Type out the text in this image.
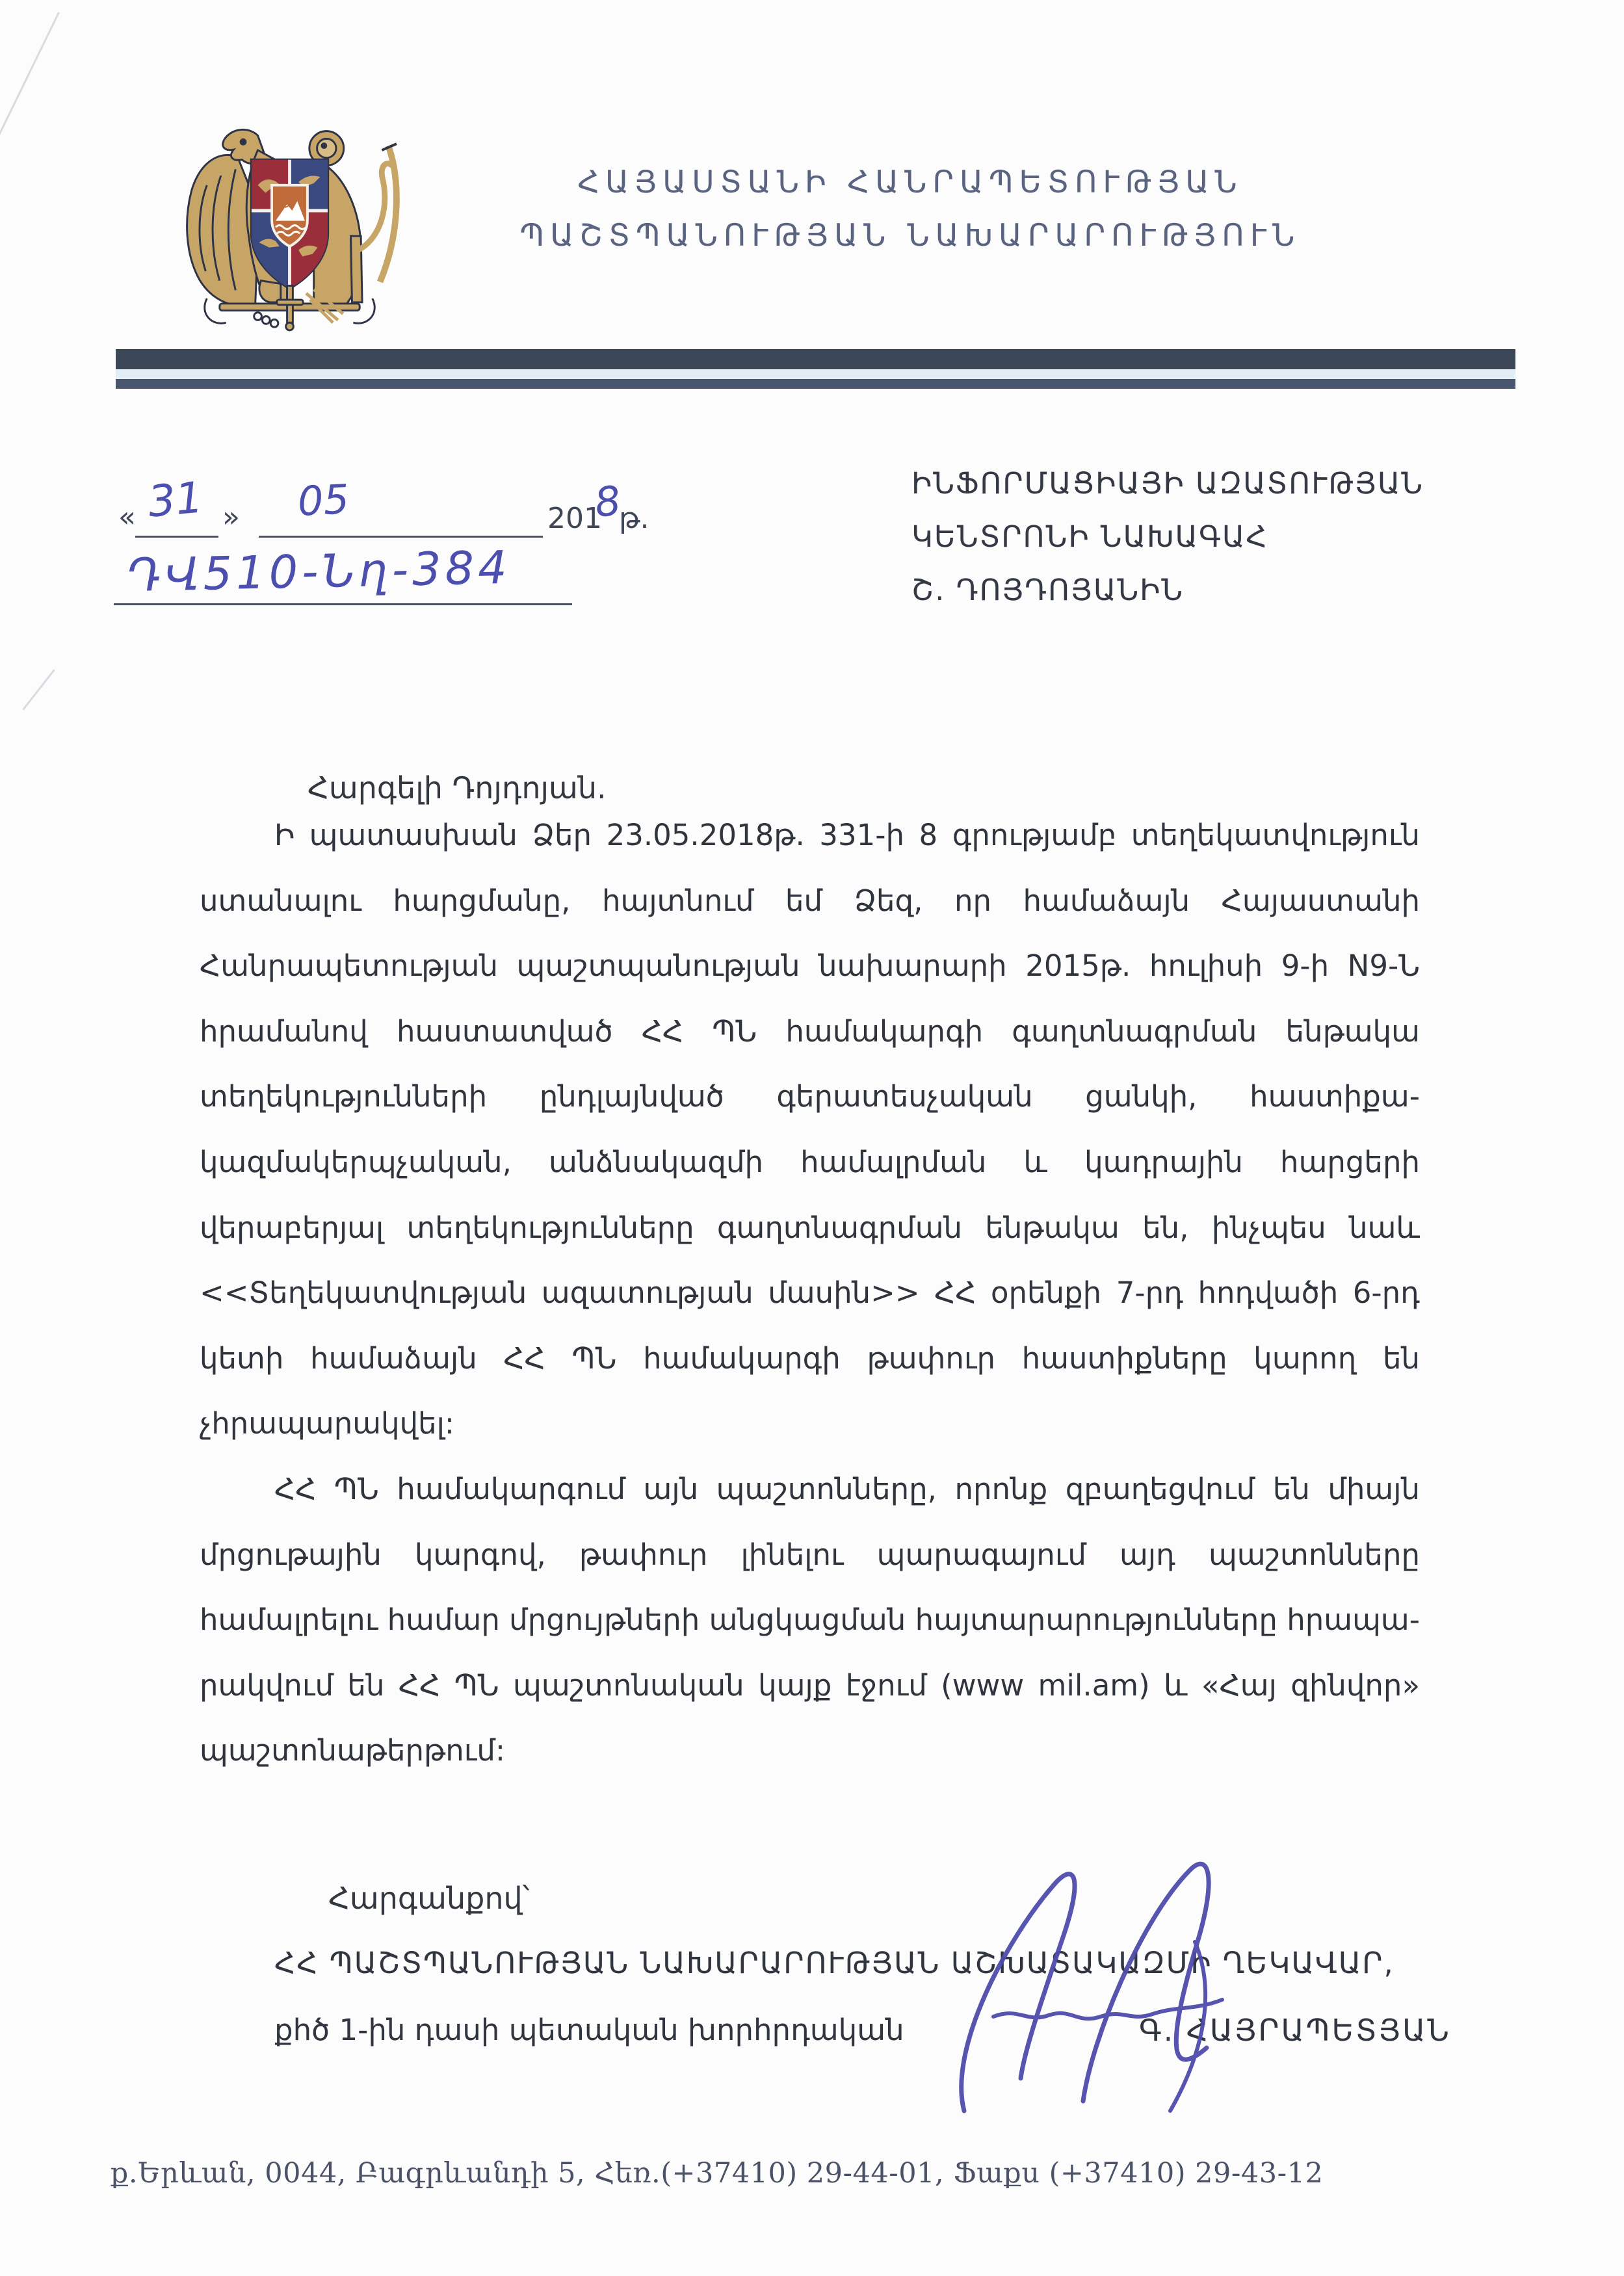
ՀԱՅԱՍՏԱՆԻ ՀԱՆՐԱՊԵՏՈՒԹՅԱՆ
ՊԱՇՏՊԱՆՈՒԹՅԱՆ ՆԱԽԱՐԱՐՈՒԹՅՈՒՆ
« 31 » 05	201
8
թ.
ԴՎ510-Նղ-384
ԻՆՖՈՐՄԱՑԻԱՅԻ ԱԶԱՏՈՒԹՅԱՆ
ԿԵՆՏՐՈՆԻ ՆԱԽԱԳԱՀ
Շ. ԴՈՅԴՈՅԱՆԻՆ
Հարգելի Դոյդոյան.
Ի պատասխան Ձեր 23.05.2018թ. 331-ի 8 գրությամբ տեղեկատվություն
ստանալու հարցմանը, հայտնում եմ Ձեզ, որ համաձայն Հայաստանի
Հանրապետության պաշտպանության նախարարի 2015թ. հուլիսի 9-ի N9-Ն
հրամանով հաստատված ՀՀ ՊՆ համակարգի գաղտնագրման ենթակա
տեղեկությունների ընդլայնված գերատեսչական ցանկի, հաստիքա-
կազմակերպչական, անձնակազմի համալրման և կադրային հարցերի
վերաբերյալ տեղեկությունները գաղտնագրման ենթակա են, ինչպես նաև
<<Տեղեկատվության ազատության մասին>> ՀՀ օրենքի 7-րդ հոդվածի 6-րդ
կետի համաձայն ՀՀ ՊՆ համակարգի թափուր հաստիքները կարող են
չհրապարակվել:
ՀՀ ՊՆ համակարգում այն պաշտոնները, որոնք զբաղեցվում են միայն
մրցութային կարգով, թափուր լինելու պարագայում այդ պաշտոնները
համալրելու համար մրցույթների անցկացման հայտարարությունները հրապա-
րակվում են ՀՀ ՊՆ պաշտոնական կայք էջում (www mil.am) և «Հայ զինվոր»
պաշտոնաթերթում:
Հարգանքով՝
ՀՀ ՊԱՇՏՊԱՆՈՒԹՅԱՆ ՆԱԽԱՐԱՐՈՒԹՅԱՆ ԱՇԽԱՏԱԿԱԶՄԻ ՂԵԿԱՎԱՐ,
քհծ 1-ին դասի պետական խորհրդական	Գ. ՀԱՅՐԱՊԵՏՅԱՆ
ք.Երևան, 0044, Բագրևանդի 5, Հեռ.(+37410) 29-44-01, Ֆաքս (+37410) 29-43-12
